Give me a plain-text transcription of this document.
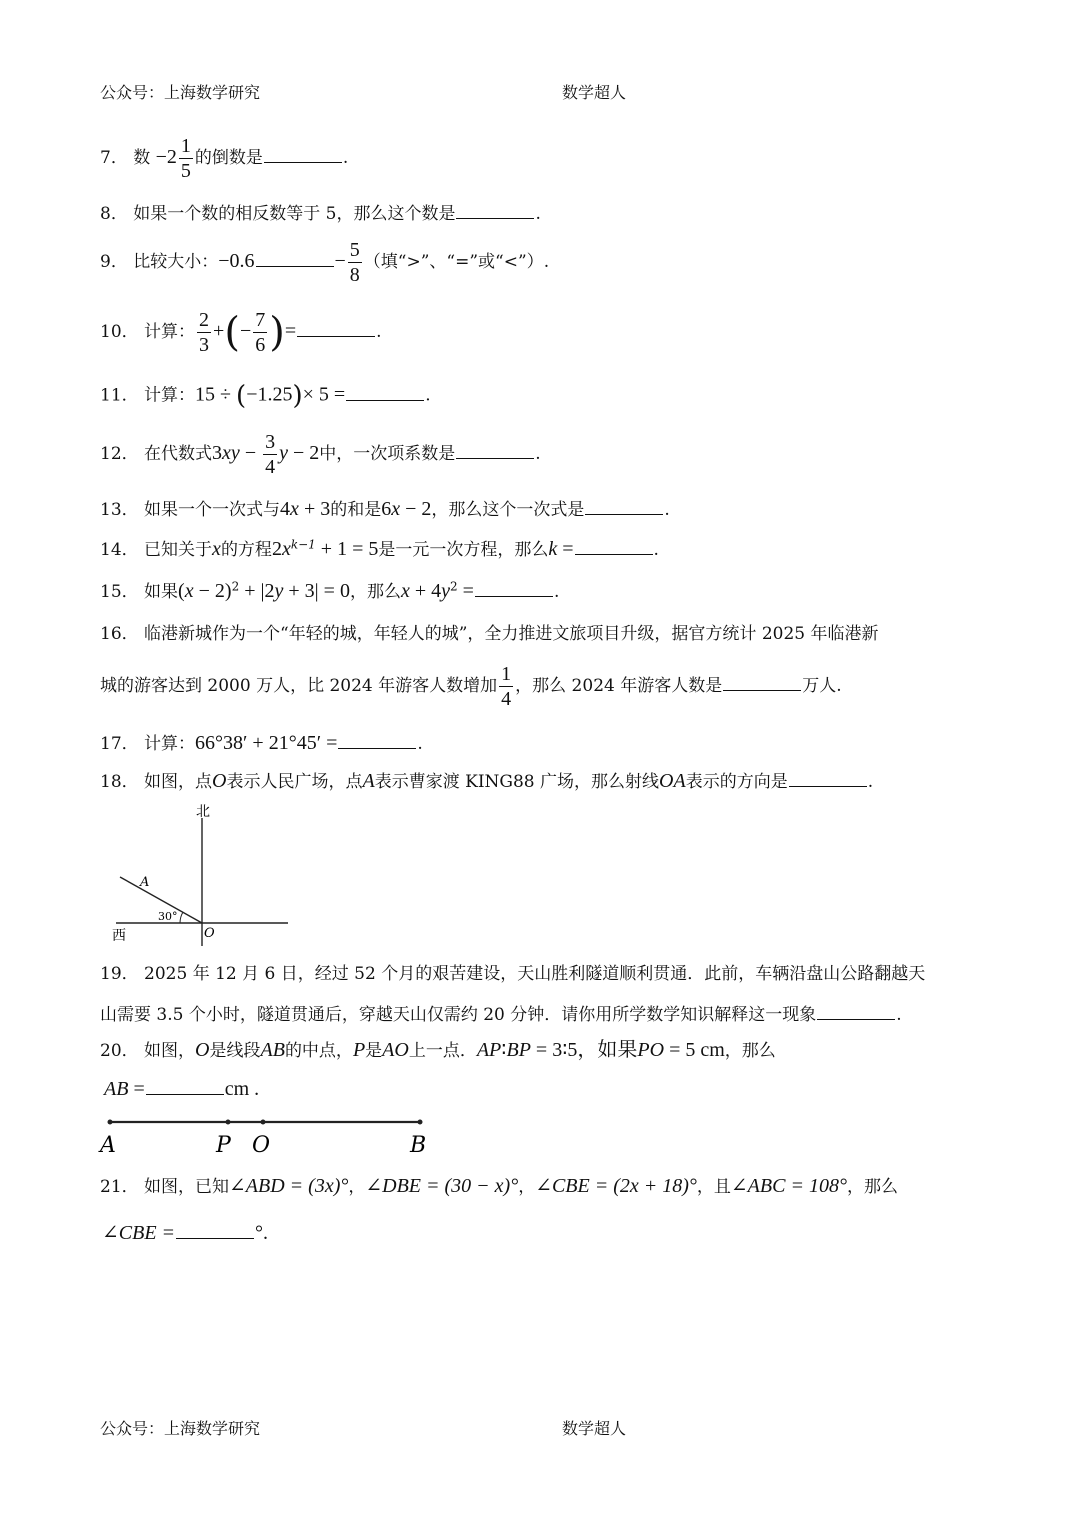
公众号：上海数学研究	数学超人
7． 数 $-2 \frac{1}{5}$ 的倒数是	.
8． 如果一个数的相反数等于 5，那么这个数是	.
9． 比较大小：−0.6	− $\frac{5}{8}$ （填“>”、“=”或“<”）.
10． 计算： $\frac{2}{3}$ +(− $\frac{7}{6}$ )=	.
11． 计算：15 ÷ (−1.25)× 5 =	.
12． 在代数式$3xy - \frac{3}{4}$ y − 2中，一次项系数是	.
13． 如果一个一次式与4x + 3的和是6x − 2，那么这个一次式是	.
14． 已知关于x的方程$2x^{k-1} + 1 = 5$是一元一次方程，那么k =	.
15． 如果$(x - 2)^2 + |2y + 3| = 0$，那么$x + 4y^2$ =	.
16． 临港新城作为一个“年轻的城，年轻人的城”，全力推进文旅项目升级，据官方统计 2025 年临港新
城的游客达到 2000 万人，比 2024 年游客人数增加 $\frac{1}{4}$ ，那么 2024 年游客人数是	万人.
17． 计算：66°38′ + 21°45′ =	.
18． 如图，点O表示人民广场，点A表示曹家渡 KING88 广场，那么射线OA表示的方向是	.
北
西
A
O
30°
19． 2025 年 12 月 6 日，经过 52 个月的艰苦建设，天山胜利隧道顺利贯通．此前，车辆沿盘山公路翻越天
山需要 3.5 个小时，隧道贯通后，穿越天山仅需约 20 分钟．请你用所学数学知识解释这一现象	.
20． 如图，O是线段AB的中点，P是AO上一点．AP∶BP = 3∶5，如果PO = 5 cm，那么
AB =	cm .
A	P O	B
21． 如图，已知∠ABD = (3x)°，∠DBE = (30 − x)°，∠CBE = (2x + 18)°，且∠ABC = 108°，那么
∠CBE =	°.
公众号：上海数学研究	数学超人
